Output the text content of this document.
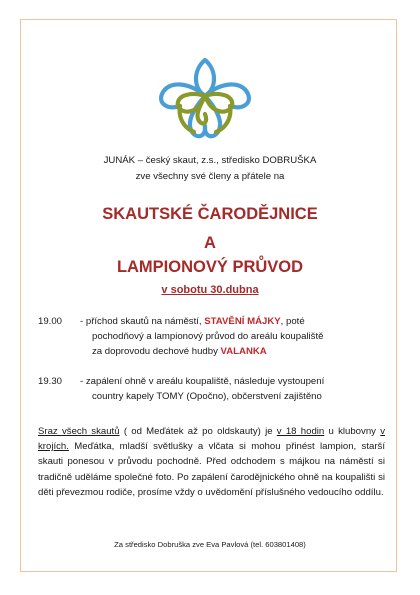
JUNÁK – český skaut, z.s., středisko DOBRUŠKA
zve všechny své členy a přátele na
SKAUTSKÉ ČARODĚJNICE
A
LAMPIONOVÝ PRŮVOD
v sobotu 30.dubna
19.00 - příchod skautů na náměstí, STAVĚNÍ MÁJKY, poté
pochodňový a lampionový průvod do areálu koupaliště
za doprovodu dechové hudby VALANKA
19.30 - zapálení ohně v areálu koupaliště, následuje vystoupení
country kapely TOMY (Opočno), občerstvení zajištěno
Sraz všech skautů ( od Meďátek až po oldskauty) je v 18 hodin u klubovny v krojích. Meďátka, mladší světlušky a vlčata si mohou přinést lampion, starší skauti ponesou v průvodu pochodně. Před odchodem s májkou na náměstí si tradičně uděláme společné foto. Po zapálení čarodějnického ohně na koupališti si děti převezmou rodiče, prosíme vždy o uvědomění příslušného vedoucího oddílu.
Za středisko Dobruška zve Eva Pavlová (tel. 603801408)
